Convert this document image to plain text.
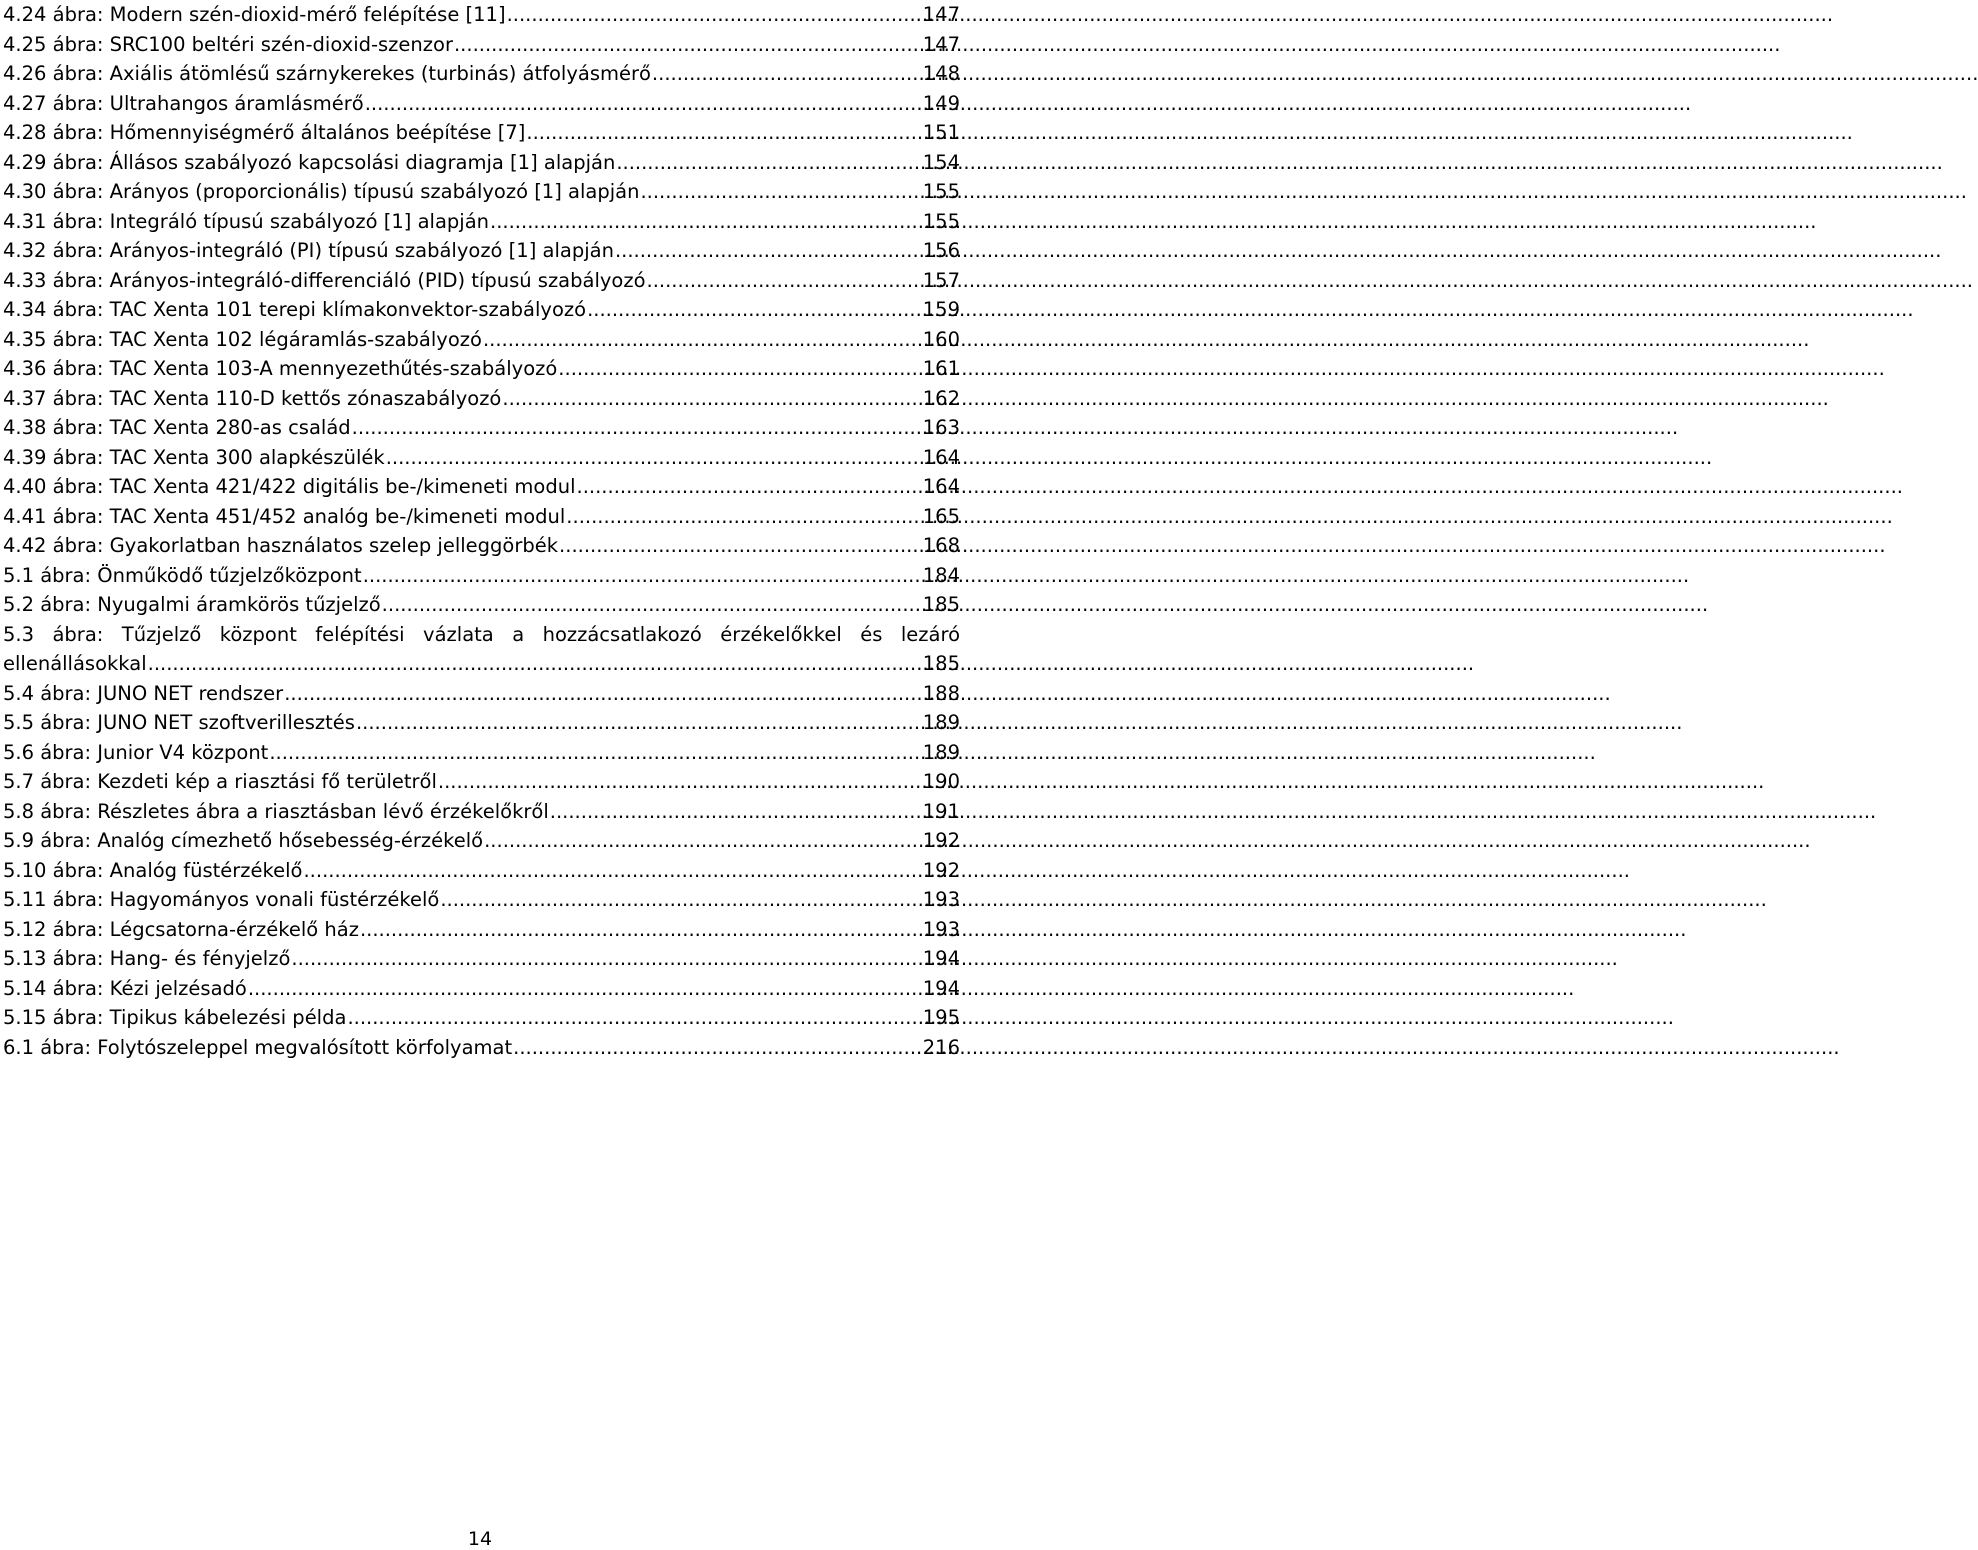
4.24 ábra: Modern szén-dioxid-mérő felépítése [11] .....	147
4.25 ábra: SRC100 beltéri szén-dioxid-szenzor .....	147
4.26 ábra: Axiális átömlésű szárnykerekes (turbinás) átfolyásmérő .....	148
4.27 ábra: Ultrahangos áramlásmérő .....	149
4.28 ábra: Hőmennyiségmérő általános beépítése [7] .....	151
4.29 ábra: Állásos szabályozó kapcsolási diagramja [1] alapján .....	154
4.30 ábra: Arányos (proporcionális) típusú szabályozó [1] alapján .....	155
4.31 ábra: Integráló típusú szabályozó [1] alapján .....	155
4.32 ábra: Arányos-integráló (PI) típusú szabályozó [1] alapján .....	156
4.33 ábra: Arányos-integráló-differenciáló (PID) típusú szabályozó .....	157
4.34 ábra: TAC Xenta 101 terepi klímakonvektor-szabályozó .....	159
4.35 ábra: TAC Xenta 102 légáramlás-szabályozó .....	160
4.36 ábra: TAC Xenta 103-A mennyezethűtés-szabályozó .....	161
4.37 ábra: TAC Xenta 110-D kettős zónaszabályozó .....	162
4.38 ábra: TAC Xenta 280-as család .....	163
4.39 ábra: TAC Xenta 300 alapkészülék .....	164
4.40 ábra: TAC Xenta 421/422 digitális be-/kimeneti modul .....	164
4.41 ábra: TAC Xenta 451/452 analóg be-/kimeneti modul .....	165
4.42 ábra: Gyakorlatban használatos szelep jelleggörbék .....	168
5.1 ábra: Önműködő tűzjelzőközpont .....	184
5.2 ábra: Nyugalmi áramkörös tűzjelző .....	185
5.3 ábra: Tűzjelző központ felépítési vázlata a hozzácsatlakozó érzékelőkkel és lezáró
ellenállásokkal .....	185
5.4 ábra: JUNO NET rendszer .....	188
5.5 ábra: JUNO NET szoftverillesztés .....	189
5.6 ábra: Junior V4 központ .....	189
5.7 ábra: Kezdeti kép a riasztási fő területről .....	190
5.8 ábra: Részletes ábra a riasztásban lévő érzékelőkről .....	191
5.9 ábra: Analóg címezhető hősebesség-érzékelő .....	192
5.10 ábra: Analóg füstérzékelő .....	192
5.11 ábra: Hagyományos vonali füstérzékelő .....	193
5.12 ábra: Légcsatorna-érzékelő ház .....	193
5.13 ábra: Hang- és fényjelző .....	194
5.14 ábra: Kézi jelzésadó .....	194
5.15 ábra: Tipikus kábelezési példa .....	195
6.1 ábra: Folytószeleppel megvalósított körfolyamat .....	216
14
